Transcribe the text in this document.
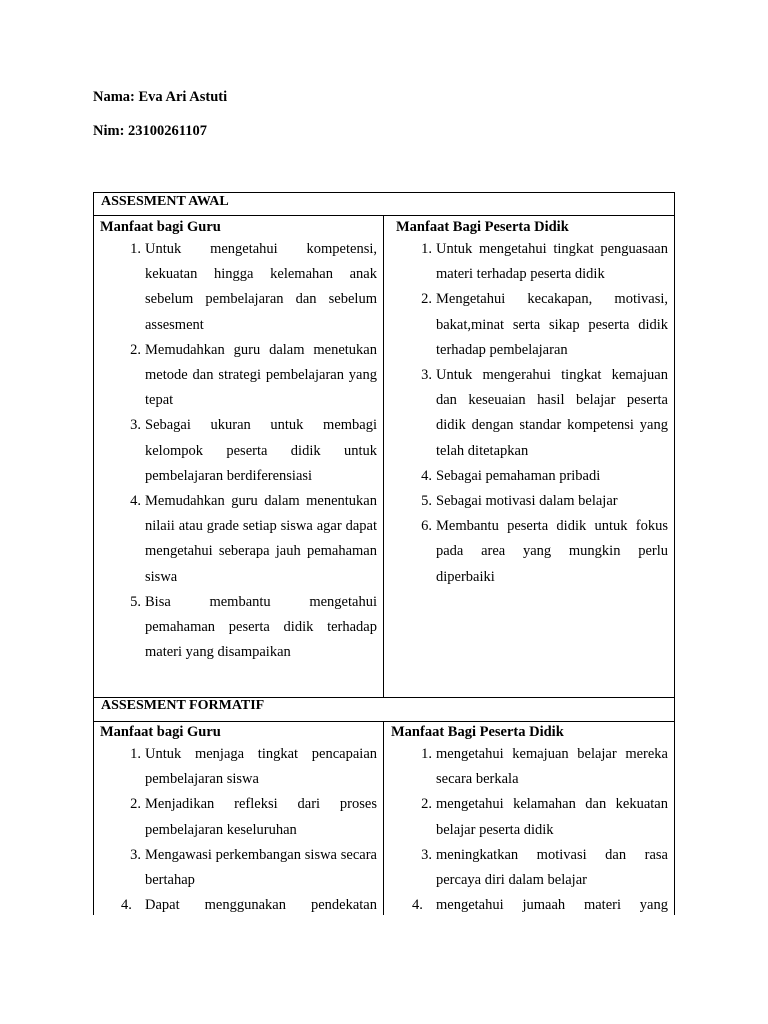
Nama: Eva Ari Astuti
Nim: 23100261107
ASSESMENT AWAL
Manfaat bagi Guru	Manfaat Bagi Peserta Didik
1. Untuk mengetahui kompetensi, kekuatan hingga kelemahan anak sebelum pembelajaran dan sebelum assesment
2. Memudahkan guru dalam menetukan metode dan strategi pembelajaran yang tepat
3. Sebagai ukuran untuk membagi kelompok peserta didik untuk pembelajaran berdiferensiasi
4. Memudahkan guru dalam menentukan nilaii atau grade setiap siswa agar dapat mengetahui seberapa jauh pemahaman siswa
5. Bisa membantu mengetahui pemahaman peserta didik terhadap materi yang disampaikan
1. Untuk mengetahui tingkat penguasaan materi terhadap peserta didik
2. Mengetahui kecakapan, motivasi, bakat,minat serta sikap peserta didik terhadap pembelajaran
3. Untuk mengerahui tingkat kemajuan dan keseuaian hasil belajar peserta didik dengan standar kompetensi yang telah ditetapkan
4. Sebagai pemahaman pribadi
5. Sebagai motivasi dalam belajar
6. Membantu peserta didik untuk fokus pada area yang mungkin perlu diperbaiki
ASSESMENT FORMATIF
Manfaat bagi Guru	Manfaat Bagi Peserta Didik
1. Untuk menjaga tingkat pencapaian pembelajaran siswa
2. Menjadikan refleksi dari proses pembelajaran keseluruhan
3. Mengawasi perkembangan siswa secara bertahap
4. Dapat menggunakan pendekatan
1. mengetahui kemajuan belajar mereka secara berkala
2. mengetahui kelamahan dan kekuatan belajar peserta didik
3. meningkatkan motivasi dan rasa percaya diri dalam belajar
4. mengetahui jumaah materi yang
